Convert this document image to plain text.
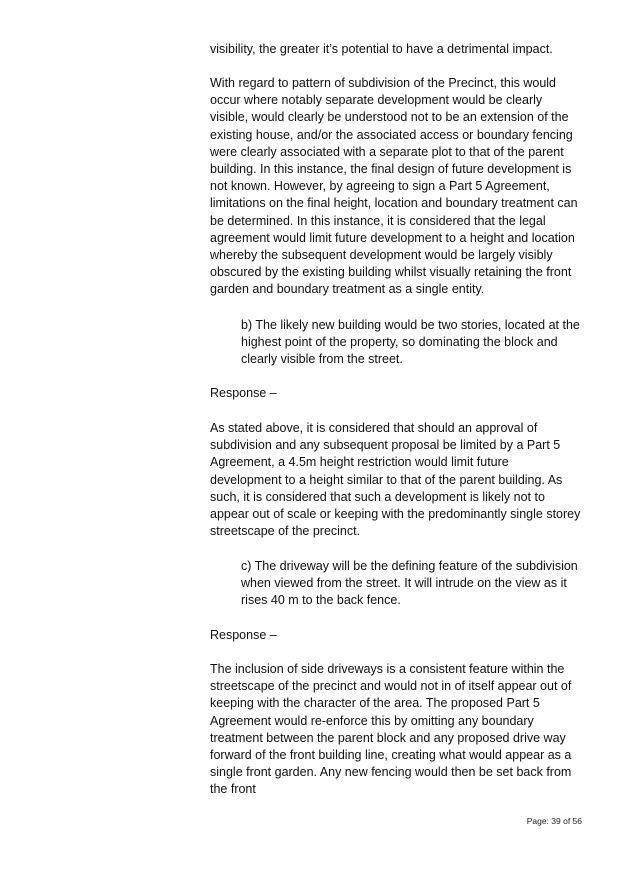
visibility, the greater it’s potential to have a detrimental impact.

With regard to pattern of subdivision of the Precinct, this would occur where notably separate development would be clearly visible, would clearly be understood not to be an extension of the existing house, and/or the associated access or boundary fencing were clearly associated with a separate plot to that of the parent building. In this instance, the final design of future development is not known. However, by agreeing to sign a Part 5 Agreement, limitations on the final height, location and boundary treatment can be determined. In this instance, it is considered that the legal agreement would limit future development to a height and location whereby the subsequent development would be largely visibly obscured by the existing building whilst visually retaining the front garden and boundary treatment as a single entity.

b) The likely new building would be two stories, located at the highest point of the property, so dominating the block and clearly visible from the street.

Response –

As stated above, it is considered that should an approval of subdivision and any subsequent proposal be limited by a Part 5 Agreement, a 4.5m height restriction would limit future development to a height similar to that of the parent building. As such, it is considered that such a development is likely not to appear out of scale or keeping with the predominantly single storey streetscape of the precinct.

c) The driveway will be the defining feature of the subdivision when viewed from the street. It will intrude on the view as it rises 40 m to the back fence.

Response –

The inclusion of side driveways is a consistent feature within the streetscape of the precinct and would not in of itself appear out of keeping with the character of the area. The proposed Part 5 Agreement would re-enforce this by omitting any boundary treatment between the parent block and any proposed drive way forward of the front building line, creating what would appear as a single front garden. Any new fencing would then be set back from the front

Page: 39 of 56
